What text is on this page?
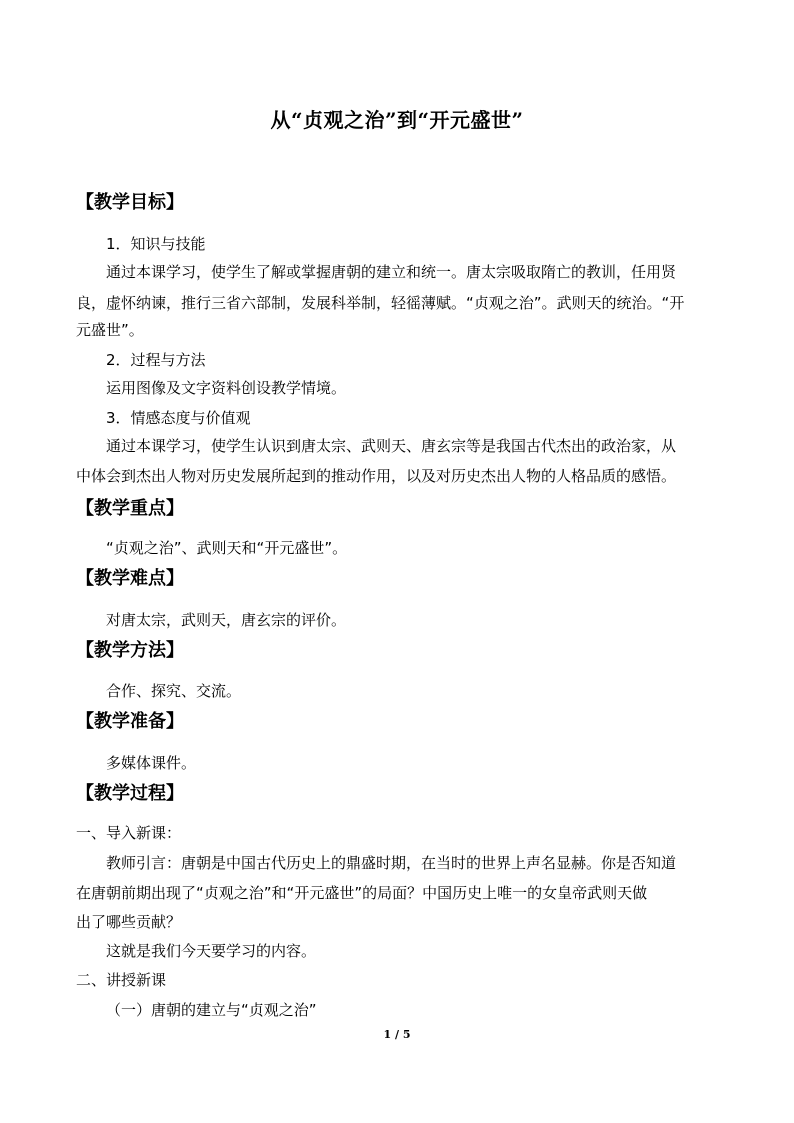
从“贞观之治”到“开元盛世”
【教学目标】
1．知识与技能
通过本课学习，使学生了解或掌握唐朝的建立和统一。唐太宗吸取隋亡的教训，任用贤
良，虚怀纳谏，推行三省六部制，发展科举制，轻徭薄赋。“贞观之治”。武则天的统治。“开
元盛世”。
2．过程与方法
运用图像及文字资料创设教学情境。
3．情感态度与价值观
通过本课学习，使学生认识到唐太宗、武则天、唐玄宗等是我国古代杰出的政治家，从
中体会到杰出人物对历史发展所起到的推动作用，以及对历史杰出人物的人格品质的感悟。
【教学重点】
“贞观之治”、武则天和“开元盛世”。
【教学难点】
对唐太宗，武则天，唐玄宗的评价。
【教学方法】
合作、探究、交流。
【教学准备】
多媒体课件。
【教学过程】
一、导入新课：
教师引言：唐朝是中国古代历史上的鼎盛时期，在当时的世界上声名显赫。你是否知道
在唐朝前期出现了“贞观之治”和“开元盛世”的局面？中国历史上唯一的女皇帝武则天做
出了哪些贡献？
这就是我们今天要学习的内容。
二、讲授新课
（一）唐朝的建立与“贞观之治”
1 / 5
